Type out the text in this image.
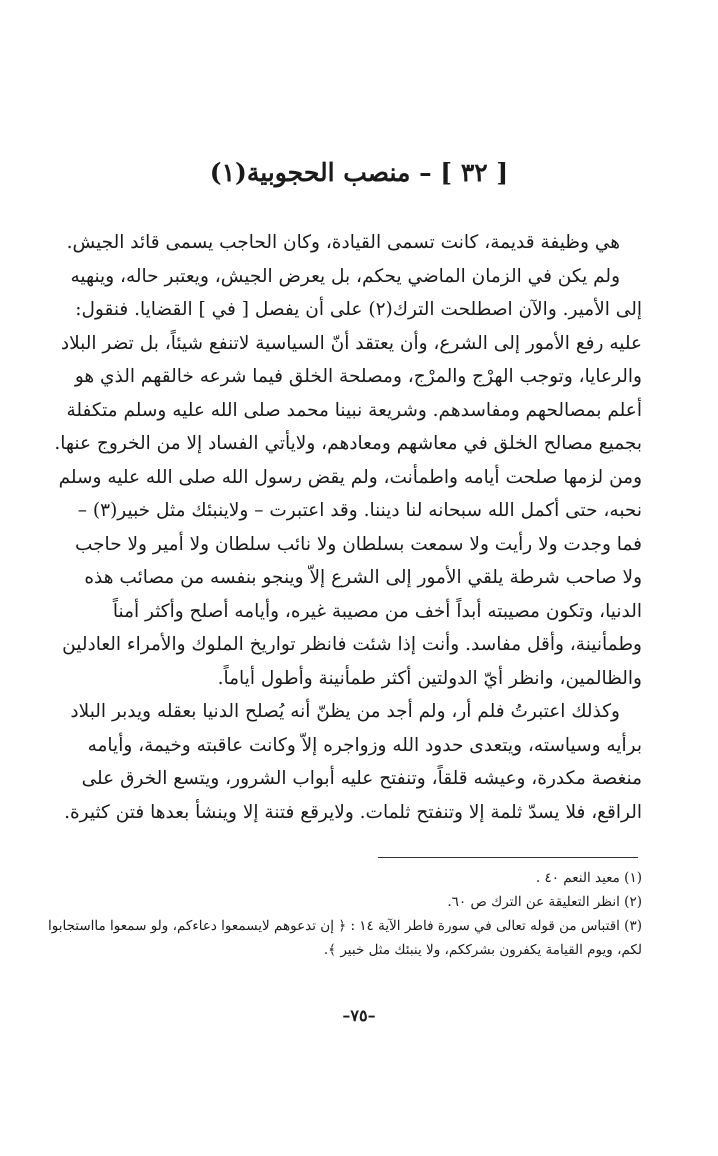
[ ٣٢ ] – منصب الحجوبية(١)
هي وظيفة قديمة، كانت تسمى القيادة، وكان الحاجب يسمى قائد الجيش.
ولم يكن في الزمان الماضي يحكم، بل يعرض الجيش، ويعتبر حاله، وينهيه
إلى الأمير. والآن اصطلحت الترك(٢) على أن يفصل [ في ] القضايا. فنقول:
عليه رفع الأمور إلى الشرع، وأن يعتقد أنّ السياسية لاتنفع شيئاً، بل تضر البلاد
والرعايا، وتوجب الهرْج والمرْج، ومصلحة الخلق فيما شرعه خالقهم الذي هو
أعلم بمصالحهم ومفاسدهم. وشريعة نبينا محمد صلى الله عليه وسلم متكفلة
بجميع مصالح الخلق في معاشهم ومعادهم، ولايأتي الفساد إلا من الخروج عنها.
ومن لزمها صلحت أيامه واطمأنت، ولم يقض رسول الله صلى الله عليه وسلم
نحبه، حتى أكمل الله سبحانه لنا ديننا. وقد اعتبرت – ولاينبئك مثل خبير(٣) –
فما وجدت ولا رأيت ولا سمعت بسلطان ولا نائب سلطان ولا أمير ولا حاجب
ولا صاحب شرطة يلقي الأمور إلى الشرع إلاّ وينجو بنفسه من مصائب هذه
الدنيا، وتكون مصيبته أبداً أخف من مصيبة غيره، وأيامه أصلح وأكثر أمناً
وطمأنينة، وأقل مفاسد. وأنت إذا شئت فانظر تواريخ الملوك والأمراء العادلين
والظالمين، وانظر أيّ الدولتين أكثر طمأنينة وأطول أياماً.
وكذلك اعتبرتُ فلم أر، ولم أجد من يظنّ أنه يُصلح الدنيا بعقله ويدبر البلاد
برأيه وسياسته، ويتعدى حدود الله وزواجره إلاّ وكانت عاقبته وخيمة، وأيامه
منغصة مكدرة، وعيشه قلقاً، وتنفتح عليه أبواب الشرور، ويتسع الخرق على
الراقع، فلا يسدّ ثلمة إلا وتنفتح ثلمات. ولايرقع فتنة إلا وينشأ بعدها فتن كثيرة.
(١) معيد النعم ٤٠ .
(٢) انظر التعليقة عن الترك ص ٦٠.
(٣) اقتباس من قوله تعالى في سورة فاطر الآية ١٤ : ﴿ إن تدعوهم لايسمعوا دعاءكم، ولو سمعوا مااستجابوا
لكم، ويوم القيامة يكفرون بشرككم، ولا ينبئك مثل خبير ﴾.
–٧٥–
